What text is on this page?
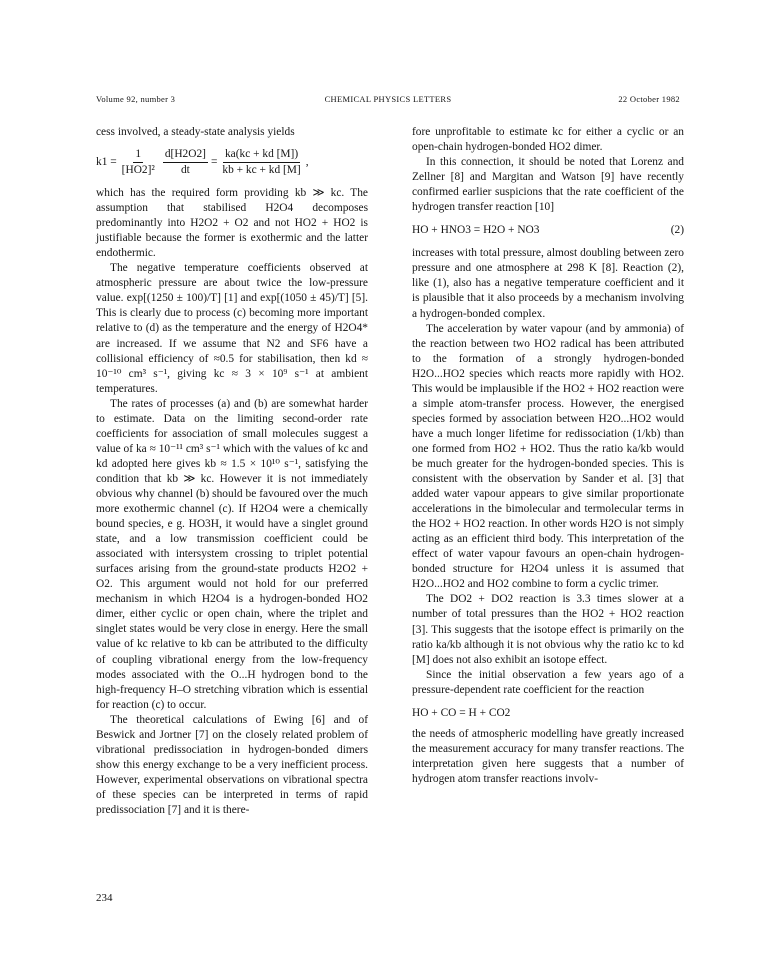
Volume 92, number 3	CHEMICAL PHYSICS LETTERS	22 October 1982

cess involved, a steady-state analysis yields

$k1 = \frac{1}{\text{[HO2]²}} \frac{d[H2O2]}{dt} = \frac{ka(kc + kd [M])}{kb + kc + kd [M]}$ ,

which has the required form providing kb ≫ kc. The assumption that stabilised H2O4 decomposes predominantly into H2O2 + O2 and not HO2 + HO2 is justifiable because the former is exothermic and the latter endothermic.

The negative temperature coefficients observed at atmospheric pressure are about twice the low-pressure value. exp[(1250 ± 100)/T] [1] and exp[(1050 ± 45)/T] [5]. This is clearly due to process (c) becoming more important relative to (d) as the temperature and the energy of H2O4* are increased. If we assume that N2 and SF6 have a collisional efficiency of ≈0.5 for stabilisation, then kd ≈ 10⁻¹⁰ cm³ s⁻¹, giving kc ≈ 3 × 10⁹ s⁻¹ at ambient temperatures.

The rates of processes (a) and (b) are somewhat harder to estimate. Data on the limiting second-order rate coefficients for association of small molecules suggest a value of ka ≈ 10⁻¹¹ cm³ s⁻¹ which with the values of kc and kd adopted here gives kb ≈ 1.5 × 10¹⁰ s⁻¹, satisfying the condition that kb ≫ kc. However it is not immediately obvious why channel (b) should be favoured over the much more exothermic channel (c). If H2O4 were a chemically bound species, e g. HO3H, it would have a singlet ground state, and a low transmission coefficient could be associated with intersystem crossing to triplet potential surfaces arising from the ground-state products H2O2 + O2. This argument would not hold for our preferred mechanism in which H2O4 is a hydrogen-bonded HO2 dimer, either cyclic or open chain, where the triplet and singlet states would be very close in energy. Here the small value of kc relative to kb can be attributed to the difficulty of coupling vibrational energy from the low-frequency modes associated with the O...H hydrogen bond to the high-frequency H–O stretching vibration which is essential for reaction (c) to occur.

The theoretical calculations of Ewing [6] and of Beswick and Jortner [7] on the closely related problem of vibrational predissociation in hydrogen-bonded dimers show this energy exchange to be a very inefficient process. However, experimental observations on vibrational spectra of these species can be interpreted in terms of rapid predissociation [7] and it is there-

fore unprofitable to estimate kc for either a cyclic or an open-chain hydrogen-bonded HO2 dimer.

In this connection, it should be noted that Lorenz and Zellner [8] and Margitan and Watson [9] have recently confirmed earlier suspicions that the rate coefficient of the hydrogen transfer reaction [10]

HO + HNO3 = H2O + NO3	(2)

increases with total pressure, almost doubling between zero pressure and one atmosphere at 298 K [8]. Reaction (2), like (1), also has a negative temperature coefficient and it is plausible that it also proceeds by a mechanism involving a hydrogen-bonded complex.

The acceleration by water vapour (and by ammonia) of the reaction between two HO2 radical has been attributed to the formation of a strongly hydrogen-bonded H2O...HO2 species which reacts more rapidly with HO2. This would be implausible if the HO2 + HO2 reaction were a simple atom-transfer process. However, the energised species formed by association between H2O...HO2 would have a much longer lifetime for redissociation (1/kb) than one formed from HO2 + HO2. Thus the ratio ka/kb would be much greater for the hydrogen-bonded species. This is consistent with the observation by Sander et al. [3] that added water vapour appears to give similar proportionate accelerations in the bimolecular and termolecular terms in the HO2 + HO2 reaction. In other words H2O is not simply acting as an efficient third body. This interpretation of the effect of water vapour favours an open-chain hydrogen-bonded structure for H2O4 unless it is assumed that H2O...HO2 and HO2 combine to form a cyclic trimer.

The DO2 + DO2 reaction is 3.3 times slower at a number of total pressures than the HO2 + HO2 reaction [3]. This suggests that the isotope effect is primarily on the ratio ka/kb although it is not obvious why the ratio kc to kd [M] does not also exhibit an isotope effect.

Since the initial observation a few years ago of a pressure-dependent rate coefficient for the reaction

HO + CO = H + CO2

the needs of atmospheric modelling have greatly increased the measurement accuracy for many transfer reactions. The interpretation given here suggests that a number of hydrogen atom transfer reactions involv-

234
